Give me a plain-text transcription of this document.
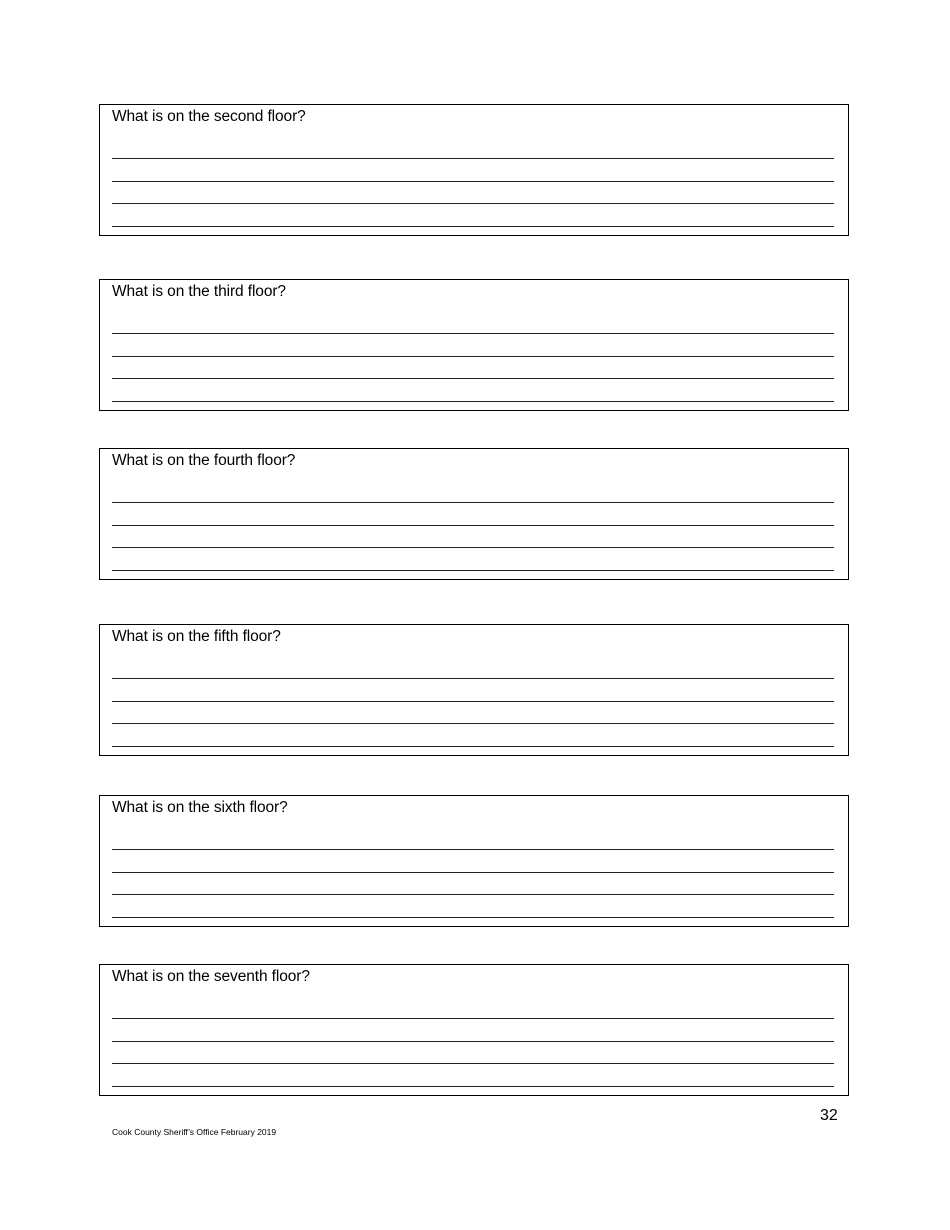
What is on the second floor?
What is on the third floor?
What is on the fourth floor?
What is on the fifth floor?
What is on the sixth floor?
What is on the seventh floor?
32
Cook County Sheriff’s Office February 2019
